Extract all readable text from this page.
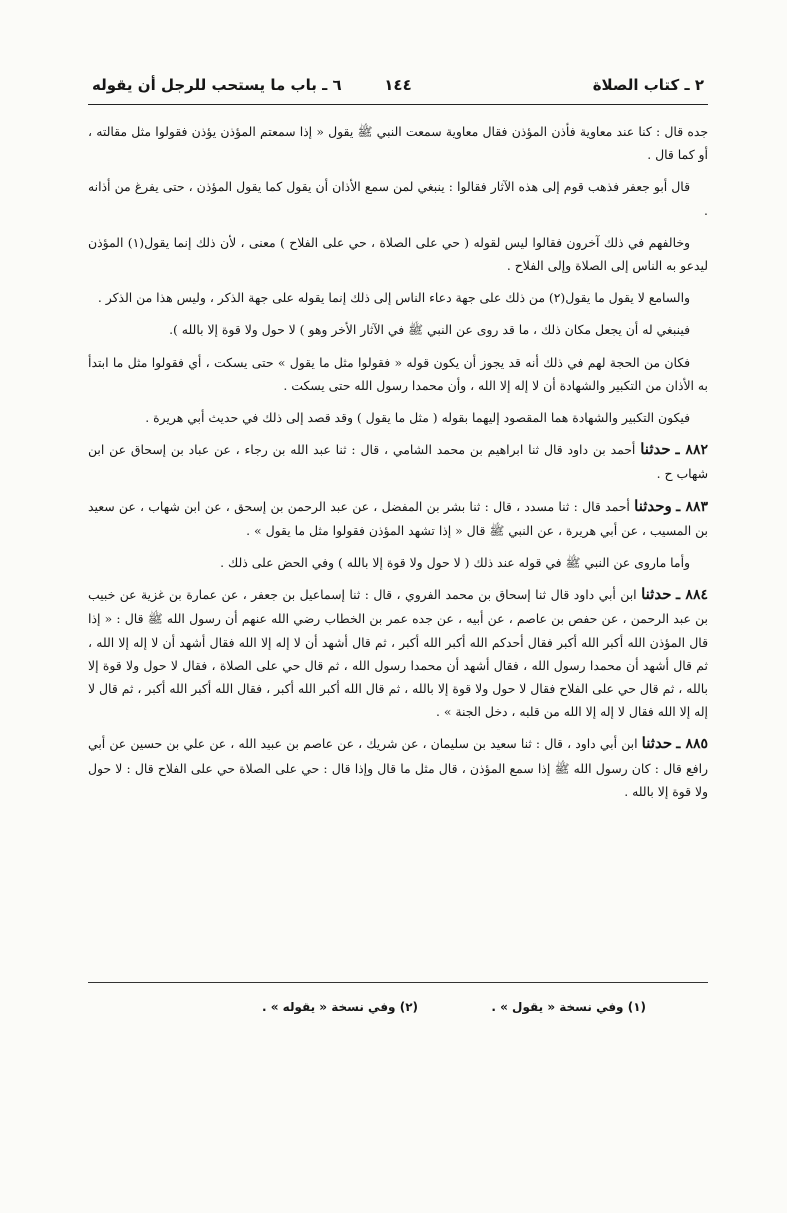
٢ ـ كتاب الصلاة
١٤٤
٦ ـ باب ما يستحب للرجل أن يقوله

جده قال : كنا عند معاوية فأذن المؤذن فقال معاوية سمعت النبي ﷺ يقول « إذا سمعتم المؤذن يؤذن فقولوا مثل مقالته ، أو كما قال .

قال أبو جعفر فذهب قوم إلى هذه الآثار فقالوا : ينبغي لمن سمع الأذان أن يقول كما يقول المؤذن ، حتى يفرغ من أذانه .

وخالفهم في ذلك آخرون فقالوا ليس لقوله ( حي على الصلاة ، حي على الفلاح ) معنى ، لأن ذلك إنما يقول(١) المؤذن ليدعو به الناس إلى الصلاة وإلى الفلاح .

والسامع لا يقول ما يقول(٢) من ذلك على جهة دعاء الناس إلى ذلك إنما يقوله على جهة الذكر ، وليس هذا من الذكر .

فينبغي له أن يجعل مكان ذلك ، ما قد روى عن النبي ﷺ في الآثار الأخر وهو ) لا حول ولا قوة إلا بالله ).

فكان من الحجة لهم في ذلك أنه قد يجوز أن يكون قوله « فقولوا مثل ما يقول » حتى يسكت ، أي فقولوا مثل ما ابتدأ به الأذان من التكبير والشهادة أن لا إله إلا الله ، وأن محمدا رسول الله حتى يسكت .

فيكون التكبير والشهادة هما المقصود إليهما بقوله ( مثل ما يقول ) وقد قصد إلى ذلك في حديث أبي هريرة .

٨٨٢ ـ حدثنا أحمد بن داود قال ثنا ابراهيم بن محمد الشامي ، قال : ثنا عبد الله بن رجاء ، عن عباد بن إسحاق عن ابن شهاب ح .

٨٨٣ ـ وحدثنا أحمد قال : ثنا مسدد ، قال : ثنا بشر بن المفضل ، عن عبد الرحمن بن إسحق ، عن ابن شهاب ، عن سعيد بن المسيب ، عن أبي هريرة ، عن النبي ﷺ قال « إذا تشهد المؤذن فقولوا مثل ما يقول » .

وأما ماروى عن النبي ﷺ في قوله عند ذلك ( لا حول ولا قوة إلا بالله ) وفي الحض على ذلك .

٨٨٤ ـ حدثنا ابن أبي داود قال ثنا إسحاق بن محمد الفروي ، قال : ثنا إسماعيل بن جعفر ، عن عمارة بن غزية عن خبيب بن عبد الرحمن ، عن حفص بن عاصم ، عن أبيه ، عن جده عمر بن الخطاب رضي الله عنهم أن رسول الله ﷺ قال : « إذا قال المؤذن الله أكبر الله أكبر فقال أحدكم الله أكبر الله أكبر ، ثم قال أشهد أن لا إله إلا الله فقال أشهد أن لا إله إلا الله ، ثم قال أشهد أن محمدا رسول الله ، فقال أشهد أن محمدا رسول الله ، ثم قال حي على الصلاة ، فقال لا حول ولا قوة إلا بالله ، ثم قال حي على الفلاح فقال لا حول ولا قوة إلا بالله ، ثم قال الله أكبر الله أكبر ، فقال الله أكبر الله أكبر ، ثم قال لا إله إلا الله فقال لا إله إلا الله من قلبه ، دخل الجنة » .

٨٨٥ ـ حدثنا ابن أبي داود ، قال : ثنا سعيد بن سليمان ، عن شريك ، عن عاصم بن عبيد الله ، عن علي بن حسين عن أبي رافع قال : كان رسول الله ﷺ إذا سمع المؤذن ، قال مثل ما قال وإذا قال : حي على الصلاة حي على الفلاح قال : لا حول ولا قوة إلا بالله .

(١) وفي نسخة « يقول » .
(٢) وفي نسخة « يقوله » .
